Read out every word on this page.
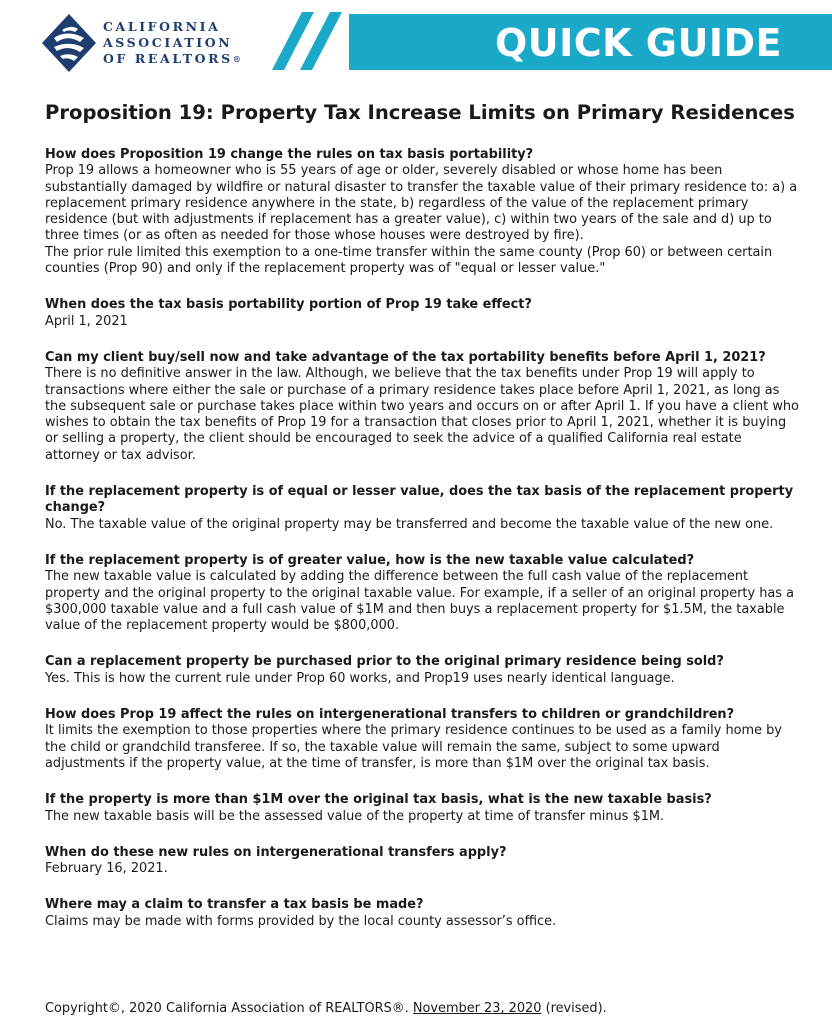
CALIFORNIA
ASSOCIATION
OF REALTORS®	QUICK GUIDE
Proposition 19: Property Tax Increase Limits on Primary Residences
How does Proposition 19 change the rules on tax basis portability?

Prop 19 allows a homeowner who is 55 years of age or older, severely disabled or whose home has been substantially damaged by wildfire or natural disaster to transfer the taxable value of their primary residence to: a) a replacement primary residence anywhere in the state, b) regardless of the value of the replacement primary residence (but with adjustments if replacement has a greater value), c) within two years of the sale and d) up to three times (or as often as needed for those whose houses were destroyed by fire).

The prior rule limited this exemption to a one-time transfer within the same county (Prop 60) or between certain counties (Prop 90) and only if the replacement property was of "equal or lesser value."

When does the tax basis portability portion of Prop 19 take effect?

April 1, 2021

Can my client buy/sell now and take advantage of the tax portability benefits before April 1, 2021?

There is no definitive answer in the law. Although, we believe that the tax benefits under Prop 19 will apply to transactions where either the sale or purchase of a primary residence takes place before April 1, 2021, as long as the subsequent sale or purchase takes place within two years and occurs on or after April 1. If you have a client who wishes to obtain the tax benefits of Prop 19 for a transaction that closes prior to April 1, 2021, whether it is buying or selling a property, the client should be encouraged to seek the advice of a qualified California real estate attorney or tax advisor.

If the replacement property is of equal or lesser value, does the tax basis of the replacement property change?

No. The taxable value of the original property may be transferred and become the taxable value of the new one.

If the replacement property is of greater value, how is the new taxable value calculated?

The new taxable value is calculated by adding the difference between the full cash value of the replacement property and the original property to the original taxable value. For example, if a seller of an original property has a $300,000 taxable value and a full cash value of $1M and then buys a replacement property for $1.5M, the taxable value of the replacement property would be $800,000.

Can a replacement property be purchased prior to the original primary residence being sold?

Yes. This is how the current rule under Prop 60 works, and Prop19 uses nearly identical language.

How does Prop 19 affect the rules on intergenerational transfers to children or grandchildren?

It limits the exemption to those properties where the primary residence continues to be used as a family home by the child or grandchild transferee. If so, the taxable value will remain the same, subject to some upward adjustments if the property value, at the time of transfer, is more than $1M over the original tax basis.

If the property is more than $1M over the original tax basis, what is the new taxable basis?

The new taxable basis will be the assessed value of the property at time of transfer minus $1M.

When do these new rules on intergenerational transfers apply?

February 16, 2021.

Where may a claim to transfer a tax basis be made?

Claims may be made with forms provided by the local county assessor’s office.

Copyright©, 2020 California Association of REALTORS®. November 23, 2020 (revised).
